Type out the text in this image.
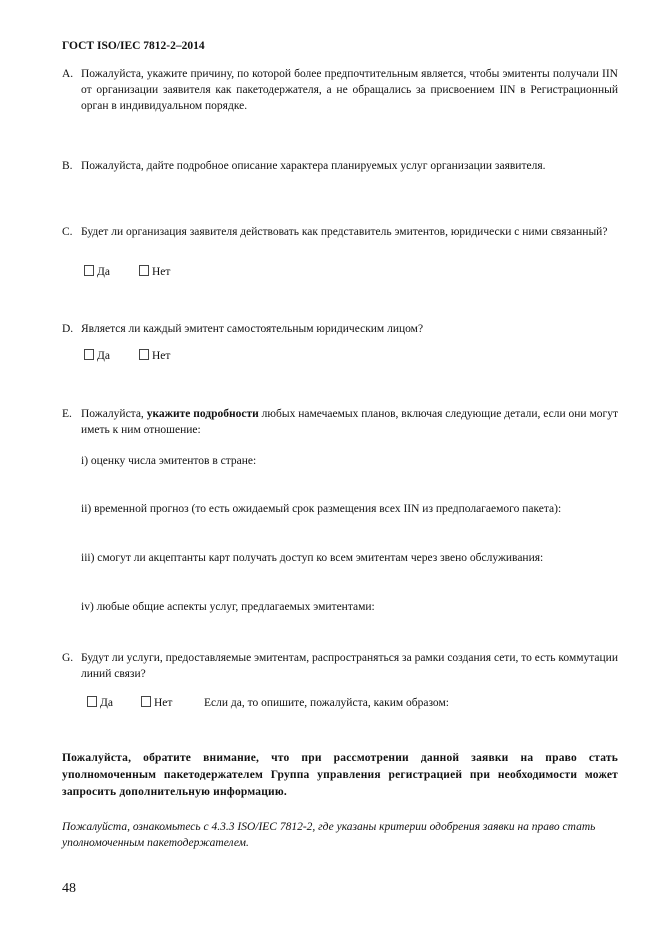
ГОСТ ISO/IEC 7812-2–2014
A. Пожалуйста, укажите причину, по которой более предпочтительным является, чтобы эмитенты получали IIN от организации заявителя как пакетодержателя, а не обращались за присвоением IIN в Регистрационный орган в индивидуальном порядке.
B. Пожалуйста, дайте подробное описание характера планируемых услуг организации заявителя.
C. Будет ли организация заявителя действовать как представитель эмитентов, юридически с ними связанный?
Да	Нет
D. Является ли каждый эмитент самостоятельным юридическим лицом?
Да	Нет
E. Пожалуйста, укажите подробности любых намечаемых планов, включая следующие детали, если они могут иметь к ним отношение:
i) оценку числа эмитентов в стране:
ii) временной прогноз (то есть ожидаемый срок размещения всех IIN из предполагаемого пакета):
iii) смогут ли акцептанты карт получать доступ ко всем эмитентам через звено обслуживания:
iv) любые общие аспекты услуг, предлагаемых эмитентами:
G. Будут ли услуги, предоставляемые эмитентам, распространяться за рамки создания сети, то есть коммутации линий связи?
Да	Нет	Если да, то опишите, пожалуйста, каким образом:
Пожалуйста, обратите внимание, что при рассмотрении данной заявки на право стать уполномоченным пакетодержателем Группа управления регистрацией при необходимости может запросить дополнительную информацию.
Пожалуйста, ознакомьтесь с 4.3.3 ISO/IEC 7812-2, где указаны критерии одобрения заявки на право стать уполномоченным пакетодержателем.
48
